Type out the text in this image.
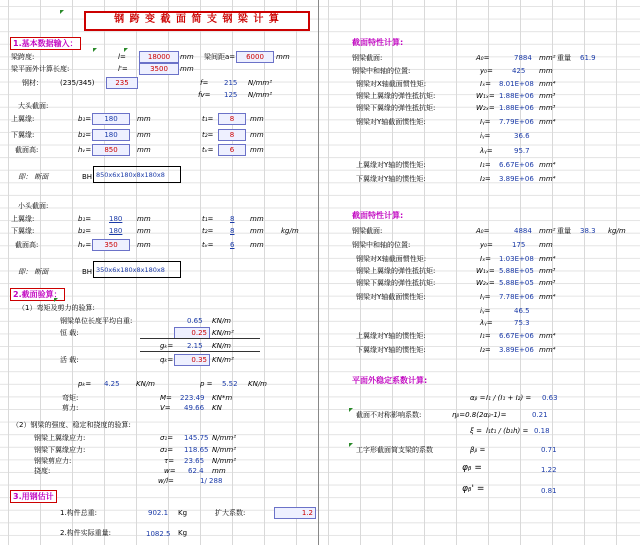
钢 跨 变 截 面 简 支 钢 梁 计 算
1.基本数据输入：
梁跨度:	l=	18000	mm 梁间距a=	6000	mm
梁平面外计算长度:	l'=	3500	mm
钢材： (235/345)	235	f= 215 N/mm²
fv= 125 N/mm²
大头截面:
上翼缘:	b₁=	180	mm	t₁=	8	mm
下翼缘:	b₂=	180	mm	t₂=	8	mm
截面高:	hᵥ=	850	mm	tᵥ=	6	mm
即： 断面	BH 850x6x180x8x180x8
小头截面:
上翼缘:	b₁=	180 mm	t₁= 8 mm
kg/m
下翼缘:	b₂=	180 mm	t₂= 8 mm
截面高:	hᵥ=	350	mm	tᵥ= 6 mm
即： 断面	BH 350x6x180x8x180x8
2.截面验算：
（1）弯矩及剪力的验算:
钢梁单位长度平均自重:	0.65 KN/m
恒 载:	0.25 KN/m²
gₖ= 2.15 KN/m
活 载:	qₖ=	0.35 KN/m²
pₖ= 4.25 KN/m	p = 5.52 KN/m
弯矩:	M= 223.49 KN*m
剪力:	V= 49.66 KN
（2）钢梁的强度、稳定和挠度的验算:
钢梁上翼缘应力:	σ₁= 145.75 N/mm²
钢梁下翼缘应力:	σ₂= 118.65 N/mm²
钢梁剪应力:	τ= 23.65 N/mm²
挠度:	w= 62.4 mm
w/l=	1/ 288
3.用钢估计
1.构件总重:	902.1 Kg	扩大系数:	1.2
2.构件实际重量:	1082.5 Kg
截面特性计算:
钢梁截面:	A₀=	7884 mm² 重量 61.9
钢梁中和轴的位置:	y₀=	425 mm
钢梁对X轴截面惯性矩:	Iₓ= 8.01E+08 mm⁴
钢梁上翼缘的弹性抵抗矩:	W₁ₓ= 1.88E+06 mm³
钢梁下翼缘的弹性抵抗矩:	W₂ₓ= 1.88E+06 mm³
钢梁对Y轴截面惯性矩:	Iᵧ= 7.79E+06 mm⁴
iᵧ=	36.6
λᵧ=	95.7
上翼缘对Y轴的惯性矩:	I₁= 6.67E+06 mm⁴
下翼缘对Y轴的惯性矩:	I₂= 3.89E+06 mm⁴
截面特性计算:
钢梁截面:	A₀=	4884 mm² 重量 38.3 kg/m
钢梁中和轴的位置:	y₀=	175 mm
钢梁对X轴截面惯性矩:	Iₓ= 1.03E+08 mm⁴
钢梁上翼缘的弹性抵抗矩:	W₁ₓ= 5.88E+05 mm³
钢梁下翼缘的弹性抵抗矩:	W₂ₓ= 5.88E+05 mm³
钢梁对Y轴截面惯性矩:	Iᵧ= 7.78E+06 mm⁴
iᵧ=	46.5
λᵧ=	75.3
上翼缘对Y轴的惯性矩:	I₁= 6.67E+06 mm⁴
下翼缘对Y轴的惯性矩:	I₂= 3.89E+06 mm⁴
平面外稳定系数计算:
αᵦ = I₁ / (I₁ + I₂) = 0.63
截面不对称影响系数:	ηᵦ=0.8(2αᵦ-1)=	0.21
ξ = l₁t₁ / (b₁h) = 0.18
工字形截面简支梁的系数	βᵦ =	0.71
φᵦ =	1.22
φᵦ' =	0.81
